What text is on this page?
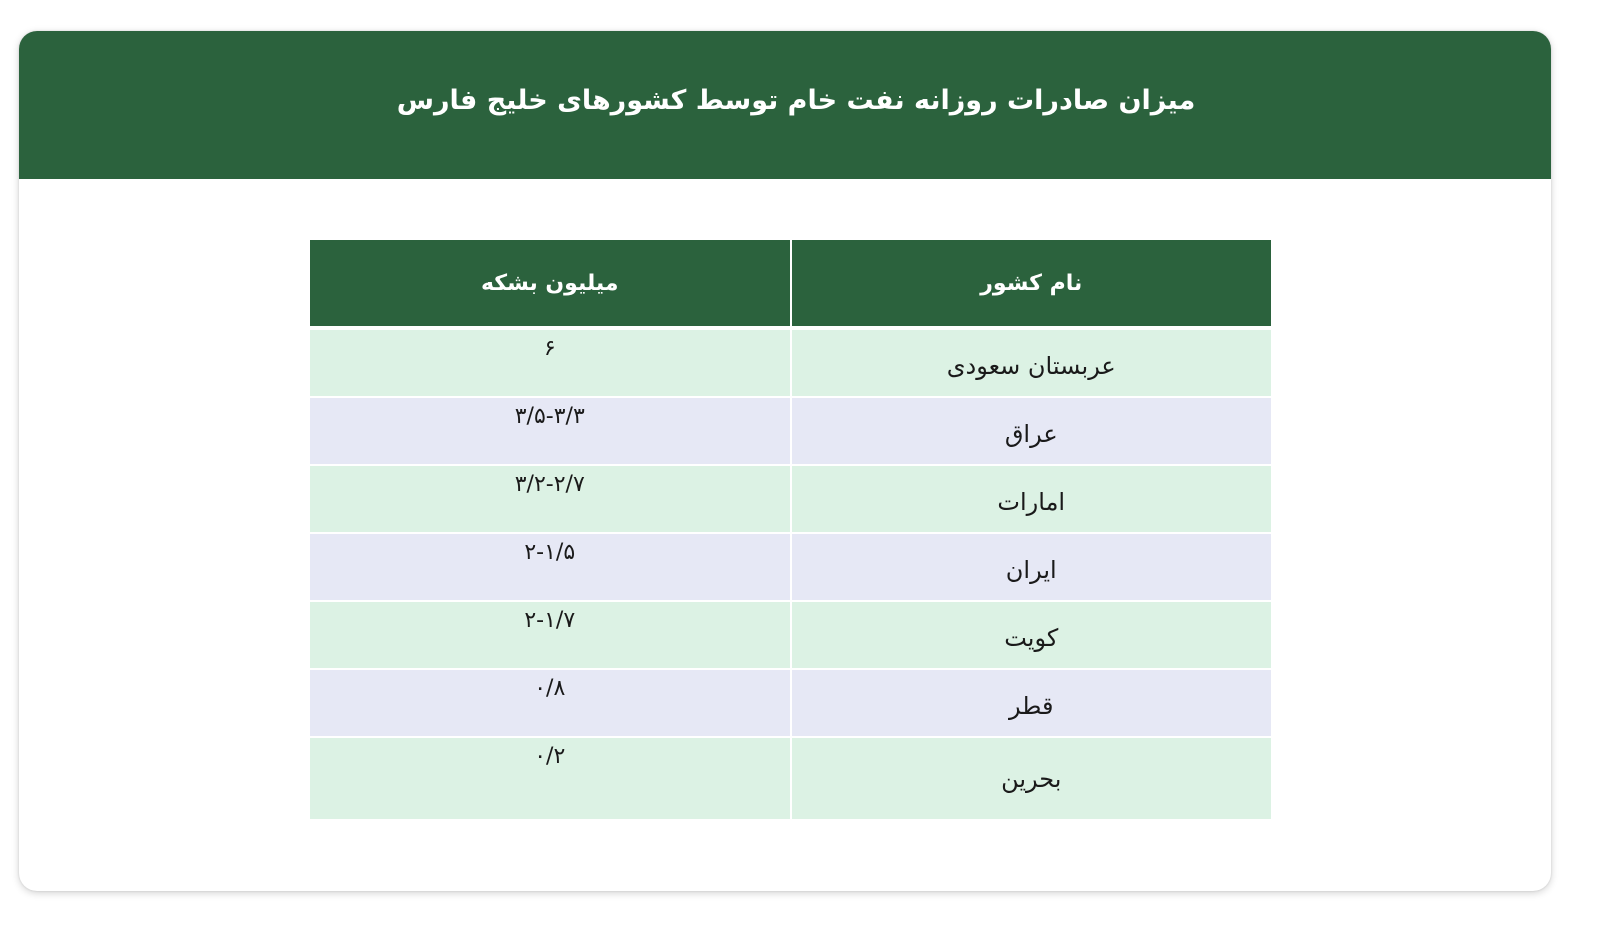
میزان صادرات روزانه نفت خام توسط کشورهای خلیج فارس
نام کشور	میلیون بشکه
عربستان سعودی	۶
عراق	۳/۵-۳/۳
امارات	۳/۲-۲/۷
ایران	۲-۱/۵
کویت	۲-۱/۷
قطر	۰/۸
بحرین	۰/۲
